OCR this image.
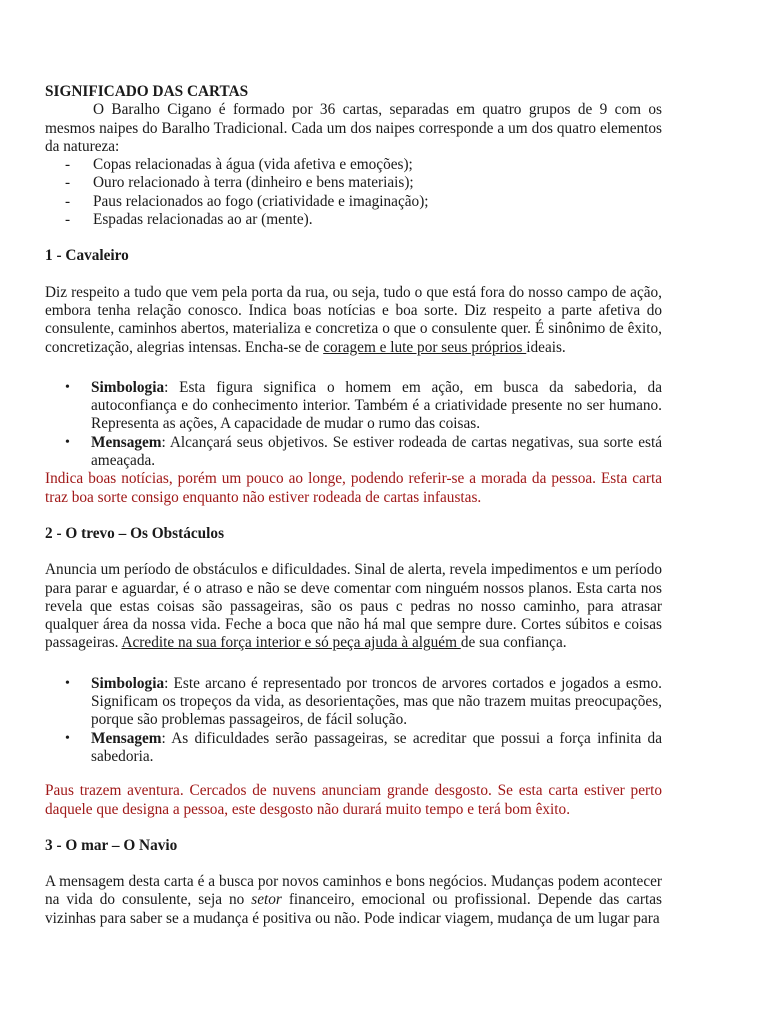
SIGNIFICADO DAS CARTAS

O Baralho Cigano é formado por 36 cartas, separadas em quatro grupos de 9 com os mesmos naipes do Baralho Tradicional. Cada um dos naipes corresponde a um dos quatro elementos da natureza:

- Copas relacionadas à água (vida afetiva e emoções);
- Ouro relacionado à terra (dinheiro e bens materiais);
- Paus relacionados ao fogo (criatividade e imaginação);
- Espadas relacionadas ao ar (mente).
1 - Cavaleiro

Diz respeito a tudo que vem pela porta da rua, ou seja, tudo o que está fora do nosso campo de ação, embora tenha relação conosco. Indica boas notícias e boa sorte. Diz respeito a parte afetiva do consulente, caminhos abertos, materializa e concretiza o que o consulente quer. É sinônimo de êxito, concretização, alegrias intensas. Encha-se de coragem e lute por seus próprios ideais.

• Simbologia: Esta figura significa o homem em ação, em busca da sabedoria, da autoconfiança e do conhecimento interior. Também é a criatividade presente no ser humano. Representa as ações, A capacidade de mudar o rumo das coisas.
• Mensagem: Alcançará seus objetivos. Se estiver rodeada de cartas negativas, sua sorte está ameaçada.

Indica boas notícias, porém um pouco ao longe, podendo referir-se a morada da pessoa. Esta carta traz boa sorte consigo enquanto não estiver rodeada de cartas infaustas.

2 - O trevo – Os Obstáculos

Anuncia um período de obstáculos e dificuldades. Sinal de alerta, revela impedimentos e um período para parar e aguardar, é o atraso e não se deve comentar com ninguém nossos planos. Esta carta nos revela que estas coisas são passageiras, são os paus c pedras no nosso caminho, para atrasar qualquer área da nossa vida. Feche a boca que não há mal que sempre dure. Cortes súbitos e coisas passageiras. Acredite na sua força interior e só peça ajuda à alguém de sua confiança.

• Simbologia: Este arcano é representado por troncos de arvores cortados e jogados a esmo. Significam os tropeços da vida, as desorientações, mas que não trazem muitas preocupações, porque são problemas passageiros, de fácil solução.
• Mensagem: As dificuldades serão passageiras, se acreditar que possui a força infinita da sabedoria.

Paus trazem aventura. Cercados de nuvens anunciam grande desgosto. Se esta carta estiver perto daquele que designa a pessoa, este desgosto não durará muito tempo e terá bom êxito.

3 - O mar – O Navio

A mensagem desta carta é a busca por novos caminhos e bons negócios. Mudanças podem acontecer na vida do consulente, seja no setor financeiro, emocional ou profissional. Depende das cartas vizinhas para saber se a mudança é positiva ou não. Pode indicar viagem, mudança de um lugar para
